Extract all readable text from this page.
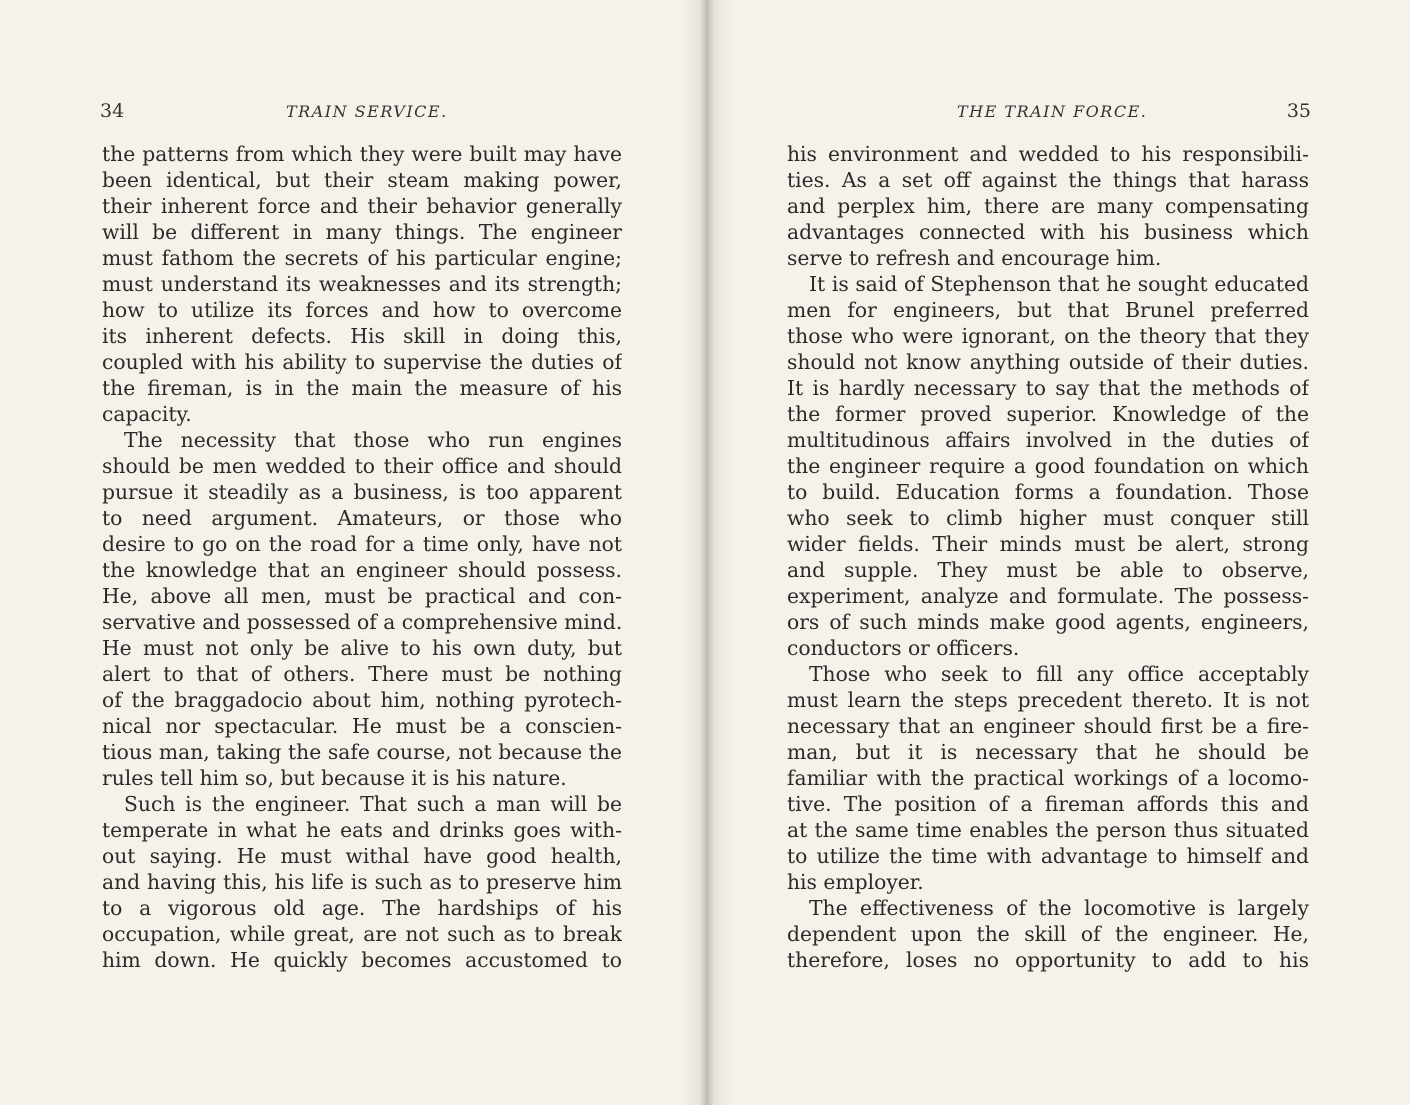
34	TRAIN SERVICE.
the patterns from which they were built may have
been identical, but their steam making power,
their inherent force and their behavior generally
will be different in many things. The engineer
must fathom the secrets of his particular engine;
must understand its weaknesses and its strength;
how to utilize its forces and how to overcome
its inherent defects. His skill in doing this,
coupled with his ability to supervise the duties of
the fireman, is in the main the measure of his
capacity.
The necessity that those who run engines
should be men wedded to their office and should
pursue it steadily as a business, is too apparent
to need argument. Amateurs, or those who
desire to go on the road for a time only, have not
the knowledge that an engineer should possess.
He, above all men, must be practical and con-
servative and possessed of a comprehensive mind.
He must not only be alive to his own duty, but
alert to that of others. There must be nothing
of the braggadocio about him, nothing pyrotech-
nical nor spectacular. He must be a conscien-
tious man, taking the safe course, not because the
rules tell him so, but because it is his nature.
Such is the engineer. That such a man will be
temperate in what he eats and drinks goes with-
out saying. He must withal have good health,
and having this, his life is such as to preserve him
to a vigorous old age. The hardships of his
occupation, while great, are not such as to break
him down. He quickly becomes accustomed to
THE TRAIN FORCE.	35
his environment and wedded to his responsibili-
ties. As a set off against the things that harass
and perplex him, there are many compensating
advantages connected with his business which
serve to refresh and encourage him.
It is said of Stephenson that he sought educated
men for engineers, but that Brunel preferred
those who were ignorant, on the theory that they
should not know anything outside of their duties.
It is hardly necessary to say that the methods of
the former proved superior. Knowledge of the
multitudinous affairs involved in the duties of
the engineer require a good foundation on which
to build. Education forms a foundation. Those
who seek to climb higher must conquer still
wider fields. Their minds must be alert, strong
and supple. They must be able to observe,
experiment, analyze and formulate. The possess-
ors of such minds make good agents, engineers,
conductors or officers.
Those who seek to fill any office acceptably
must learn the steps precedent thereto. It is not
necessary that an engineer should first be a fire-
man, but it is necessary that he should be
familiar with the practical workings of a locomo-
tive. The position of a fireman affords this and
at the same time enables the person thus situated
to utilize the time with advantage to himself and
his employer.
The effectiveness of the locomotive is largely
dependent upon the skill of the engineer. He,
therefore, loses no opportunity to add to his
